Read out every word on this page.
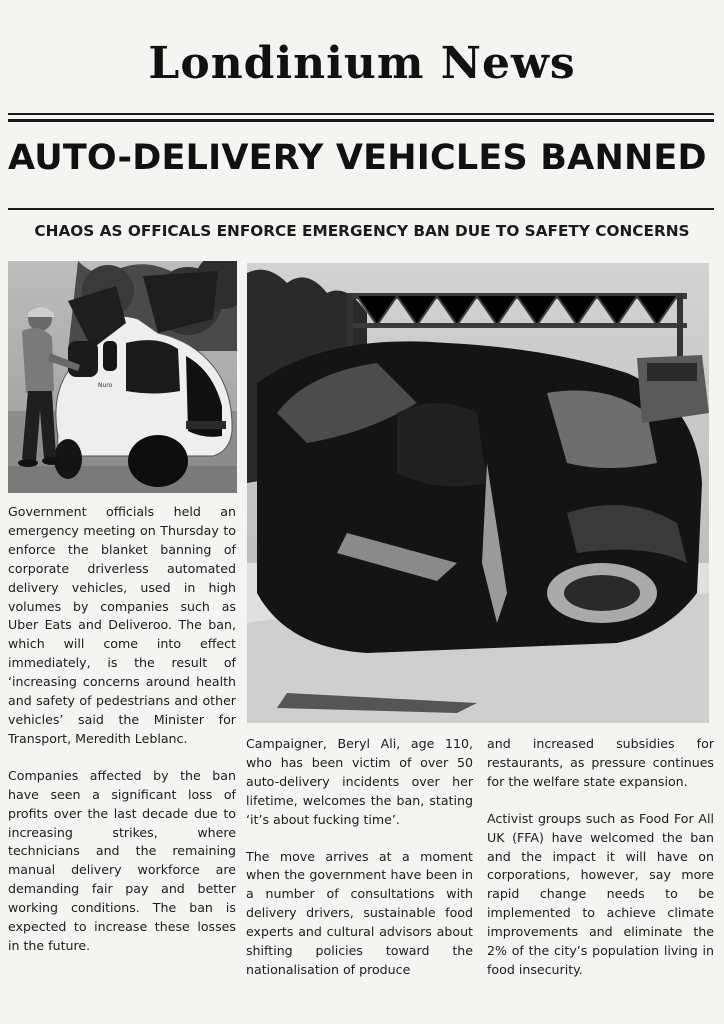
Londinium News
AUTO-DELIVERY VEHICLES BANNED
CHAOS AS OFFICALS ENFORCE EMERGENCY BAN DUE TO SAFETY CONCERNS
Nuro

Government officials held an emergency meeting on Thursday to enforce the blanket banning of corporate driverless automated delivery vehicles, used in high volumes by companies such as Uber Eats and Deliveroo. The ban, which will come into effect immediately, is the result of ‘increasing concerns around health and safety of pedestrians and other vehicles’ said the Minister for Transport, Meredith Leblanc.

Companies affected by the ban have seen a significant loss of profits over the last decade due to increasing strikes, where technicians and the remaining manual delivery workforce are demanding fair pay and better working conditions. The ban is expected to increase these losses in the future.

Campaigner, Beryl Ali, age 110, who has been victim of over 50 auto-delivery incidents over her lifetime, welcomes the ban, stating ‘it’s about fucking time’.

The move arrives at a moment when the government have been in a number of consultations with delivery drivers, sustainable food experts and cultural advisors about shifting policies toward the nationalisation of produce

and increased subsidies for restaurants, as pressure continues for the welfare state expansion.

Activist groups such as Food For All UK (FFA) have welcomed the ban and the impact it will have on corporations, however, say more rapid change needs to be implemented to achieve climate improvements and eliminate the 2% of the city’s population living in food insecurity.
